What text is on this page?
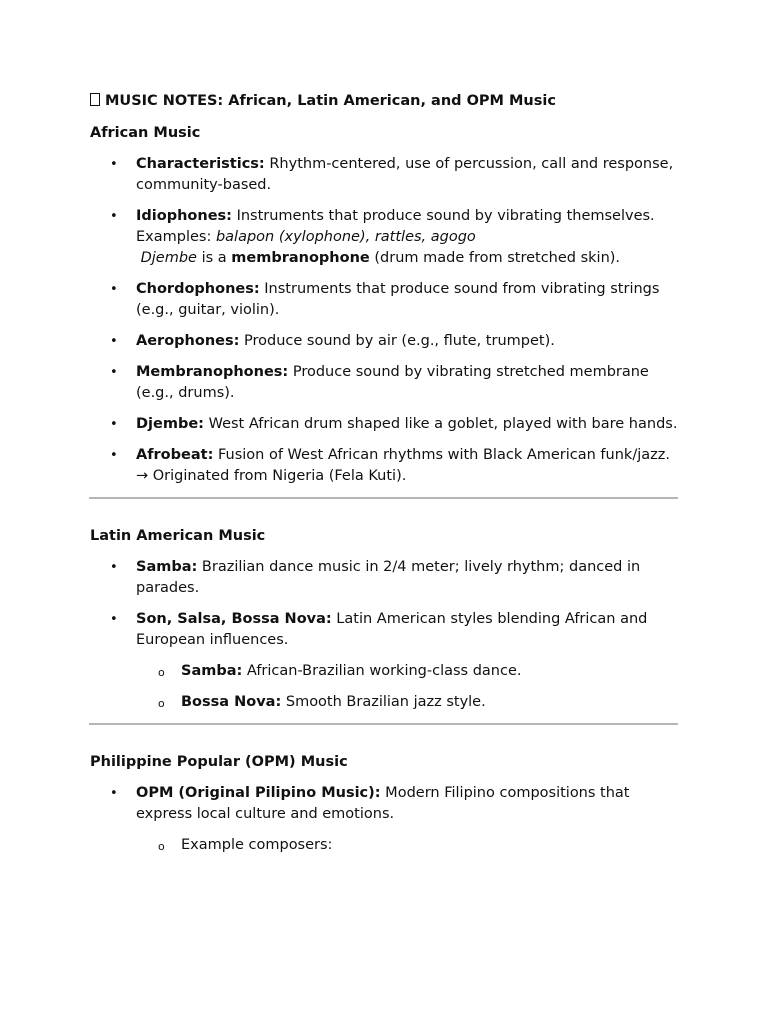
MUSIC NOTES: African, Latin American, and OPM Music
African Music
• Characteristics: Rhythm-centered, use of percussion, call and response, community-based.
• Idiophones: Instruments that produce sound by vibrating themselves.
Examples: balapon (xylophone), rattles, agogo
Djembe is a membranophone (drum made from stretched skin).
• Chordophones: Instruments that produce sound from vibrating strings (e.g., guitar, violin).
• Aerophones: Produce sound by air (e.g., flute, trumpet).
• Membranophones: Produce sound by vibrating stretched membrane (e.g., drums).
• Djembe: West African drum shaped like a goblet, played with bare hands.
• Afrobeat: Fusion of West African rhythms with Black American funk/jazz.
→ Originated from Nigeria (Fela Kuti).
Latin American Music
• Samba: Brazilian dance music in 2/4 meter; lively rhythm; danced in parades.
• Son, Salsa, Bossa Nova: Latin American styles blending African and European influences.
o Samba: African-Brazilian working-class dance.
o Bossa Nova: Smooth Brazilian jazz style.
Philippine Popular (OPM) Music
• OPM (Original Pilipino Music): Modern Filipino compositions that express local culture and emotions.
o Example composers:
